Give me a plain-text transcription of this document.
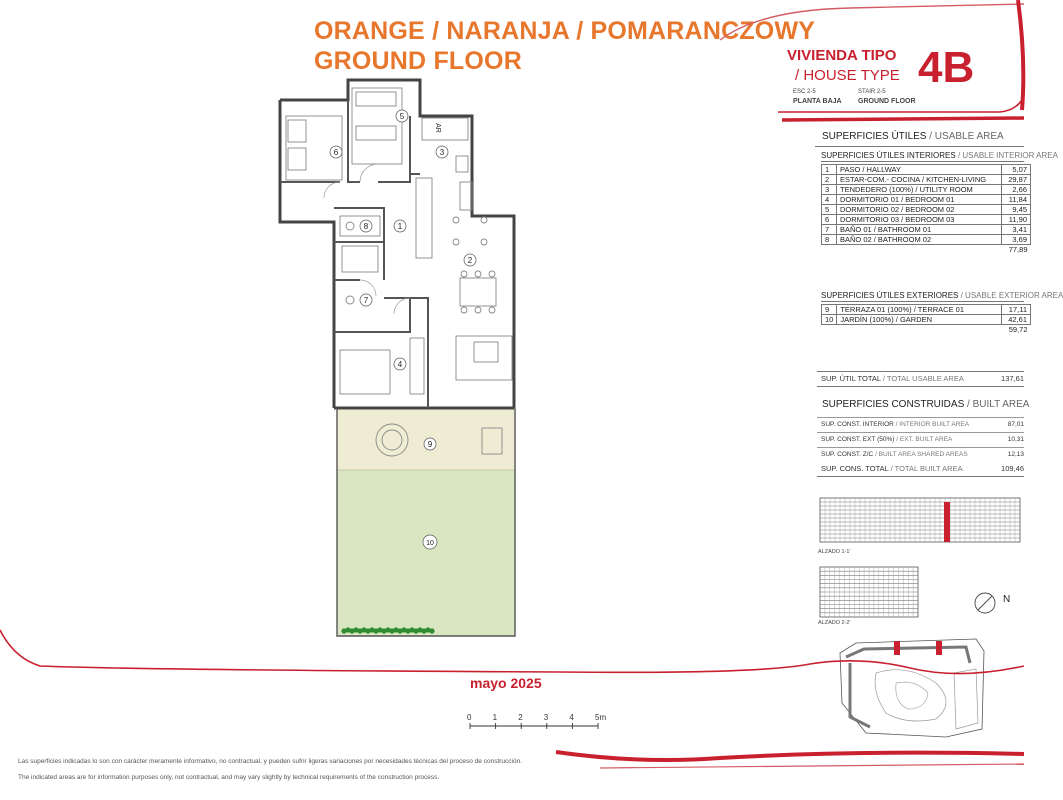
ORANGE / NARANJA / POMARANCZOWY
GROUND FLOOR	VIVIENDA TIPO
/ HOUSE TYPE 4B
ESC 2-5
PLANTA BAJA
STAIR 2-5
GROUND FLOOR
SUPERFICIES ÚTILES / USABLE AREA
SUPERFICIES ÚTILES INTERIORES / USABLE INTERIOR AREA
1	PASO / HALLWAY	5,07
2	ESTAR-COM.- COCINA / KITCHEN-LIVING	29,87
3	TENDEDERO (100%) / UTILITY ROOM	2,66
4	DORMITORIO 01 / BEDROOM 01	11,84
5	DORMITORIO 02 / BEDROOM 02	9,45
6	DORMITORIO 03 / BEDROOM 03	11,90
7	BAÑO 01 / BATHROOM 01	3,41
8	BAÑO 02 / BATHROOM 02	3,69
		77,89
SUPERFICIES ÚTILES EXTERIORES / USABLE EXTERIOR AREA
9	TERRAZA 01 (100%) / TERRACE 01	17,11
10	JARDÍN (100%) / GARDEN	42,61
		59,72
SUP. ÚTIL TOTAL / TOTAL USABLE AREA	137,61
SUPERFICIES CONSTRUIDAS / BUILT AREA
SUP. CONST. INTERIOR / INTERIOR BUILT AREA	87,01
SUP. CONST. EXT (50%) / EXT. BUILT AREA	10,31
SUP. CONST. Z/C / BUILT AREA SHARED AREAS	12,13
SUP. CONS. TOTAL / TOTAL BUILT AREA	109,46
ALZADO 1-1'
ALZADO 2-2'
N
1
2
3
4
5
6
7
8
9
10
AR
mayo 2025
0	1	2	3	4	5m
Las superficies indicadas lo son con carácter meramente informativo, no contractual, y pueden sufrir ligeras variaciones por necesidades técnicas del proceso de construcción.
The indicated areas are for information purposes only, not contractual, and may vary slightly by technical requirements of the construction process.
